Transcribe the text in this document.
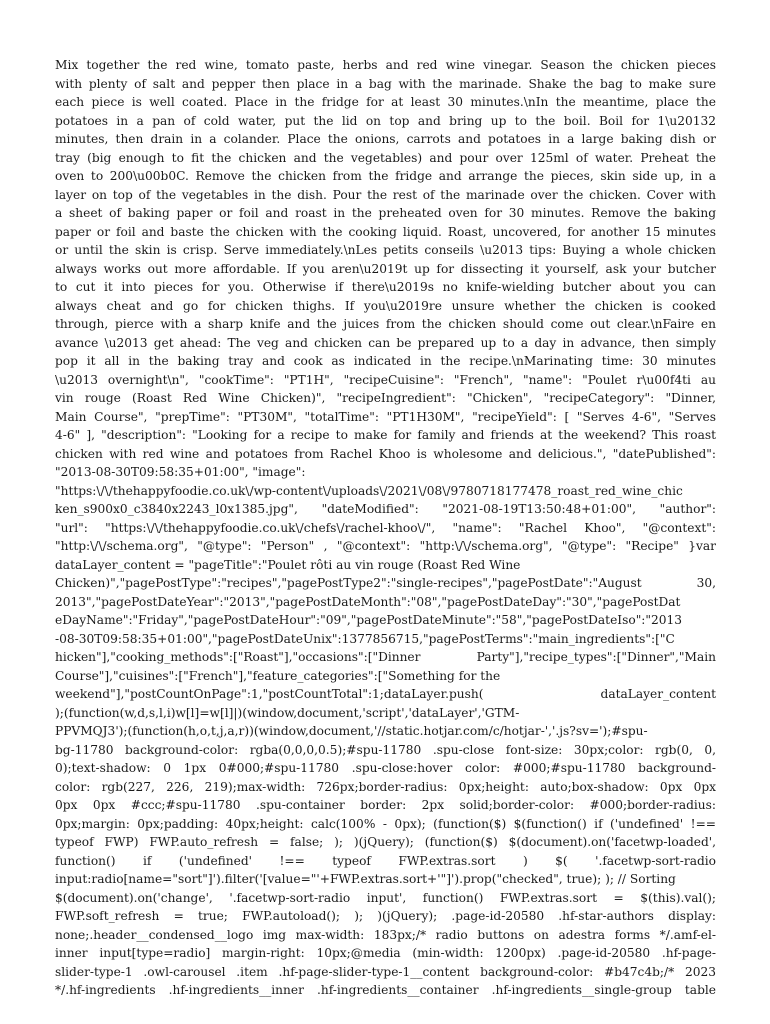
Mix together the red wine, tomato paste, herbs and red wine vinegar. Season the chicken pieces
with plenty of salt and pepper then place in a bag with the marinade. Shake the bag to make sure
each piece is well coated. Place in the fridge for at least 30 minutes.\nIn the meantime, place the
potatoes in a pan of cold water, put the lid on top and bring up to the boil. Boil for 1\u20132
minutes, then drain in a colander. Place the onions, carrots and potatoes in a large baking dish or
tray (big enough to fit the chicken and the vegetables) and pour over 125ml of water. Preheat the
oven to 200\u00b0C. Remove the chicken from the fridge and arrange the pieces, skin side up, in a
layer on top of the vegetables in the dish. Pour the rest of the marinade over the chicken. Cover with
a sheet of baking paper or foil and roast in the preheated oven for 30 minutes. Remove the baking
paper or foil and baste the chicken with the cooking liquid. Roast, uncovered, for another 15 minutes
or until the skin is crisp. Serve immediately.\nLes petits conseils \u2013 tips: Buying a whole chicken
always works out more affordable. If you aren\u2019t up for dissecting it yourself, ask your butcher
to cut it into pieces for you. Otherwise if there\u2019s no knife-wielding butcher about you can
always cheat and go for chicken thighs. If you\u2019re unsure whether the chicken is cooked
through, pierce with a sharp knife and the juices from the chicken should come out clear.\nFaire en
avance \u2013 get ahead: The veg and chicken can be prepared up to a day in advance, then simply
pop it all in the baking tray and cook as indicated in the recipe.\nMarinating time: 30 minutes
\u2013 overnight\n", "cookTime": "PT1H", "recipeCuisine": "French", "name": "Poulet r\u00f4ti au
vin rouge (Roast Red Wine Chicken)", "recipeIngredient": "Chicken", "recipeCategory": "Dinner,
Main Course", "prepTime": "PT30M", "totalTime": "PT1H30M", "recipeYield": [ "Serves 4-6", "Serves
4-6" ], "description": "Looking for a recipe to make for family and friends at the weekend? This roast
chicken with red wine and potatoes from Rachel Khoo is wholesome and delicious.", "datePublished":
"2013-08-30T09:58:35+01:00", "image":
"https:\/\/thehappyfoodie.co.uk\/wp-content\/uploads\/2021\/08\/9780718177478_roast_red_wine_chic
ken_s900x0_c3840x2243_l0x1385.jpg", "dateModified": "2021-08-19T13:50:48+01:00", "author":
"url": "https:\/\/thehappyfoodie.co.uk\/chefs\/rachel-khoo\/", "name": "Rachel Khoo", "@context":
"http:\/\/schema.org", "@type": "Person" , "@context": "http:\/\/schema.org", "@type": "Recipe" }var
dataLayer_content = "pageTitle":"Poulet rôti au vin rouge (Roast Red Wine
Chicken)","pagePostType":"recipes","pagePostType2":"single-recipes","pagePostDate":"August 30,
2013","pagePostDateYear":"2013","pagePostDateMonth":"08","pagePostDateDay":"30","pagePostDat
eDayName":"Friday","pagePostDateHour":"09","pagePostDateMinute":"58","pagePostDateIso":"2013
-08-30T09:58:35+01:00","pagePostDateUnix":1377856715,"pagePostTerms":"main_ingredients":["C
hicken"],"cooking_methods":["Roast"],"occasions":["Dinner Party"],"recipe_types":["Dinner","Main
Course"],"cuisines":["French"],"feature_categories":["Something for the
weekend"],"postCountOnPage":1,"postCountTotal":1;dataLayer.push( dataLayer_content
);(function(w,d,s,l,i)w[l]=w[l]|)(window,document,'script','dataLayer','GTM-
PPVMQJ3');(function(h,o,t,j,a,r))(window,document,'//static.hotjar.com/c/hotjar-','.js?sv=');#spu-
bg-11780 background-color: rgba(0,0,0,0.5);#spu-11780 .spu-close font-size: 30px;color: rgb(0, 0,
0);text-shadow: 0 1px 0#000;#spu-11780 .spu-close:hover color: #000;#spu-11780 background-
color: rgb(227, 226, 219);max-width: 726px;border-radius: 0px;height: auto;box-shadow: 0px 0px
0px 0px #ccc;#spu-11780 .spu-container border: 2px solid;border-color: #000;border-radius:
0px;margin: 0px;padding: 40px;height: calc(100% - 0px); (function($) $(function() if ('undefined' !==
typeof FWP) FWP.auto_refresh = false; ); )(jQuery); (function($) $(document).on('facetwp-loaded',
function() if ('undefined' !== typeof FWP.extras.sort ) $( '.facetwp-sort-radio
input:radio[name="sort"]').filter('[value="'+FWP.extras.sort+'"]').prop("checked", true); ); // Sorting
$(document).on('change', '.facetwp-sort-radio input', function() FWP.extras.sort = $(this).val();
FWP.soft_refresh = true; FWP.autoload(); ); )(jQuery); .page-id-20580 .hf-star-authors display:
none;.header__condensed__logo img max-width: 183px;/* radio buttons on adestra forms */.amf-el-
inner input[type=radio] margin-right: 10px;@media (min-width: 1200px) .page-id-20580 .hf-page-
slider-type-1 .owl-carousel .item .hf-page-slider-type-1__content background-color: #b47c4b;/* 2023
*/.hf-ingredients .hf-ingredients__inner .hf-ingredients__container .hf-ingredients__single-group table
